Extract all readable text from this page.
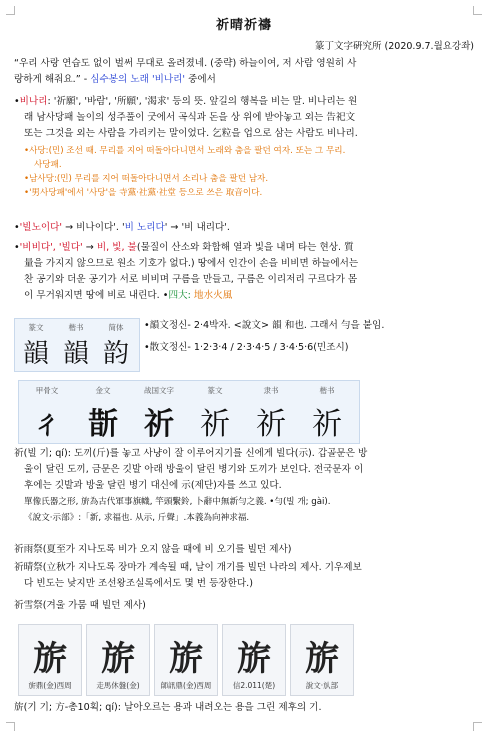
祈晴祈禱
篆丁文字硏究所 (2020.9.7.월요강좌)
“우리 사랑 연습도 없이 벌써 무대로 올려졌네. (중략) 하늘이여, 저 사람 영원히 사
랑하게 해줘요.” - 심수봉의 노래 '비나리' 중에서
•비나리: '祈願', '바람', '所願', '渴求' 등의 뜻. 앞길의 행복을 비는 말. 비나리는 원
래 남사당패 놀이의 성주풀이 굿에서 곡식과 돈을 상 위에 받아놓고 외는 告祀文
또는 그것을 외는 사람을 가리키는 말이었다. 乞粒을 업으로 삼는 사람도 비나리.
•사당:(민) 조선 때. 무리를 지어 떠돌아다니면서 노래와 춤을 팔던 여자. 또는 그 무리.
사당패.
•남사당:(민) 무리를 지어 떠돌아다니면서 소리나 춤을 팔던 남자.
•'男사당패'에서 '사당'을 寺黨·社黨·社堂 등으로 쓰은 取音이다.
•'빌노이다' → 비나이다'. '비 노리다' → '비 내리다'.
•'비비다', '빌다' → 비, 빛, 불(물질이 산소와 화합해 열과 빛을 내며 타는 현상. 質
量을 가지지 않으므로 원소 기호가 없다.) 땅에서 인간이 손을 비비면 하늘에서는
찬 공기와 더운 공기가 서로 비비며 구름을 만들고, 구름은 이리저리 구르다가 몸
이 무거워지면 땅에 비로 내린다. •四大: 地水火風
篆文	楷书	简体
韻 韻 韵
•韻文정신- 2·4박자. <說文> 韻 和也. 그래서 勻을 붙임.
•散文정신- 1·2·3·4 / 2·3·4·5 / 3·4·5·6(민조시)
甲骨文	金文	战国文字	篆文	隶书	楷书
ㄔ 斮 祈 祈 祈 祈
祈(빌 기; qí): 도끼(斤)를 놓고 사냥이 잘 이루어지기를 신에게 빌다(示). 갑골문은 방
울이 달린 도끼, 금문은 깃발 아래 방울이 달린 병기와 도끼가 보인다. 전국문자 이
후에는 깃발과 방울 달린 병기 대신에 示(제단)자를 쓰고 있다.
單像氏器之形, 旂為古代軍事旗幟, 竿頭繫鈴, 卜辭中無新勻之義. •勻(빌 개; gài).
《說文·示部》:「新, 求福也. 从示, 斤聲」.本義為向神求福.
祈雨祭(夏至가 지나도록 비가 오지 않을 때에 비 오기를 빌던 제사)
祈晴祭(立秋가 지나도록 장마가 계속될 때, 날이 개기를 빌던 나라의 제사. 기우제보
다 빈도는 낮지만 조선왕조실록에서도 몇 번 등장한다.)
祈雪祭(겨울 가뭄 때 빌던 제사)
旂
旂鼎(金)西周
旂
走馬休盤(金)
旂
師訊鼎(金)西周
旂
信2.011(楚)
旂
說文·㫃部
旂(기 기; 方-총10획; qí): 날아오르는 용과 내려오는 용을 그린 제후의 기.
